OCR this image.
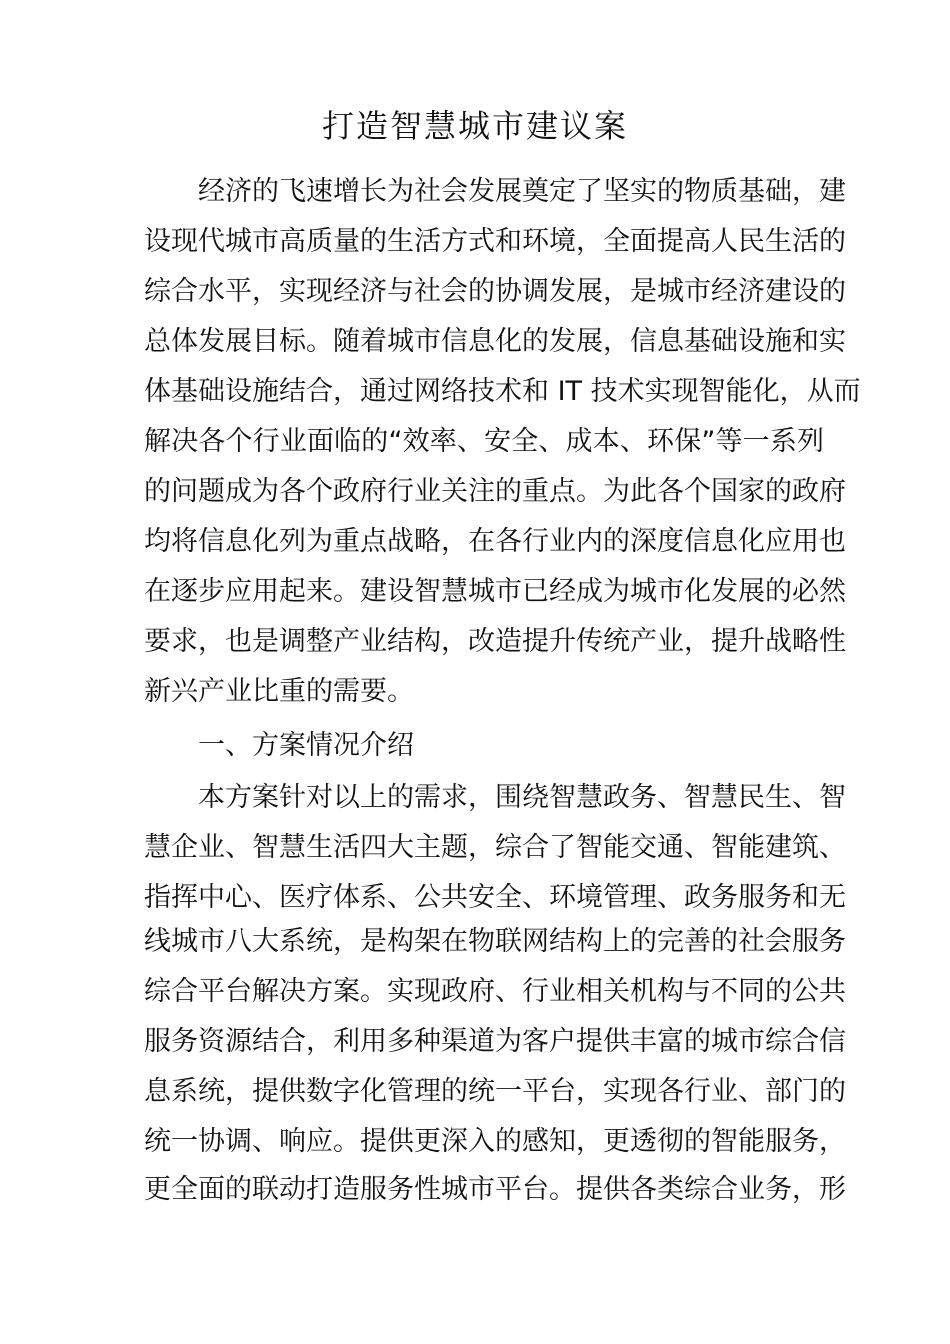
打造智慧城市建议案
　　经济的飞速增长为社会发展奠定了坚实的物质基础，建
设现代城市高质量的生活方式和环境，全面提高人民生活的
综合水平，实现经济与社会的协调发展，是城市经济建设的
总体发展目标。随着城市信息化的发展，信息基础设施和实
体基础设施结合，通过网络技术和 IT 技术实现智能化，从而
解决各个行业面临的“效率、安全、成本、环保”等一系列
的问题成为各个政府行业关注的重点。为此各个国家的政府
均将信息化列为重点战略，在各行业内的深度信息化应用也
在逐步应用起来。建设智慧城市已经成为城市化发展的必然
要求，也是调整产业结构，改造提升传统产业，提升战略性
新兴产业比重的需要。
　　一、方案情况介绍
　　本方案针对以上的需求，围绕智慧政务、智慧民生、智
慧企业、智慧生活四大主题，综合了智能交通、智能建筑、
指挥中心、医疗体系、公共安全、环境管理、政务服务和无
线城市八大系统，是构架在物联网结构上的完善的社会服务
综合平台解决方案。实现政府、行业相关机构与不同的公共
服务资源结合，利用多种渠道为客户提供丰富的城市综合信
息系统，提供数字化管理的统一平台，实现各行业、部门的
统一协调、响应。提供更深入的感知，更透彻的智能服务，
更全面的联动打造服务性城市平台。提供各类综合业务，形
